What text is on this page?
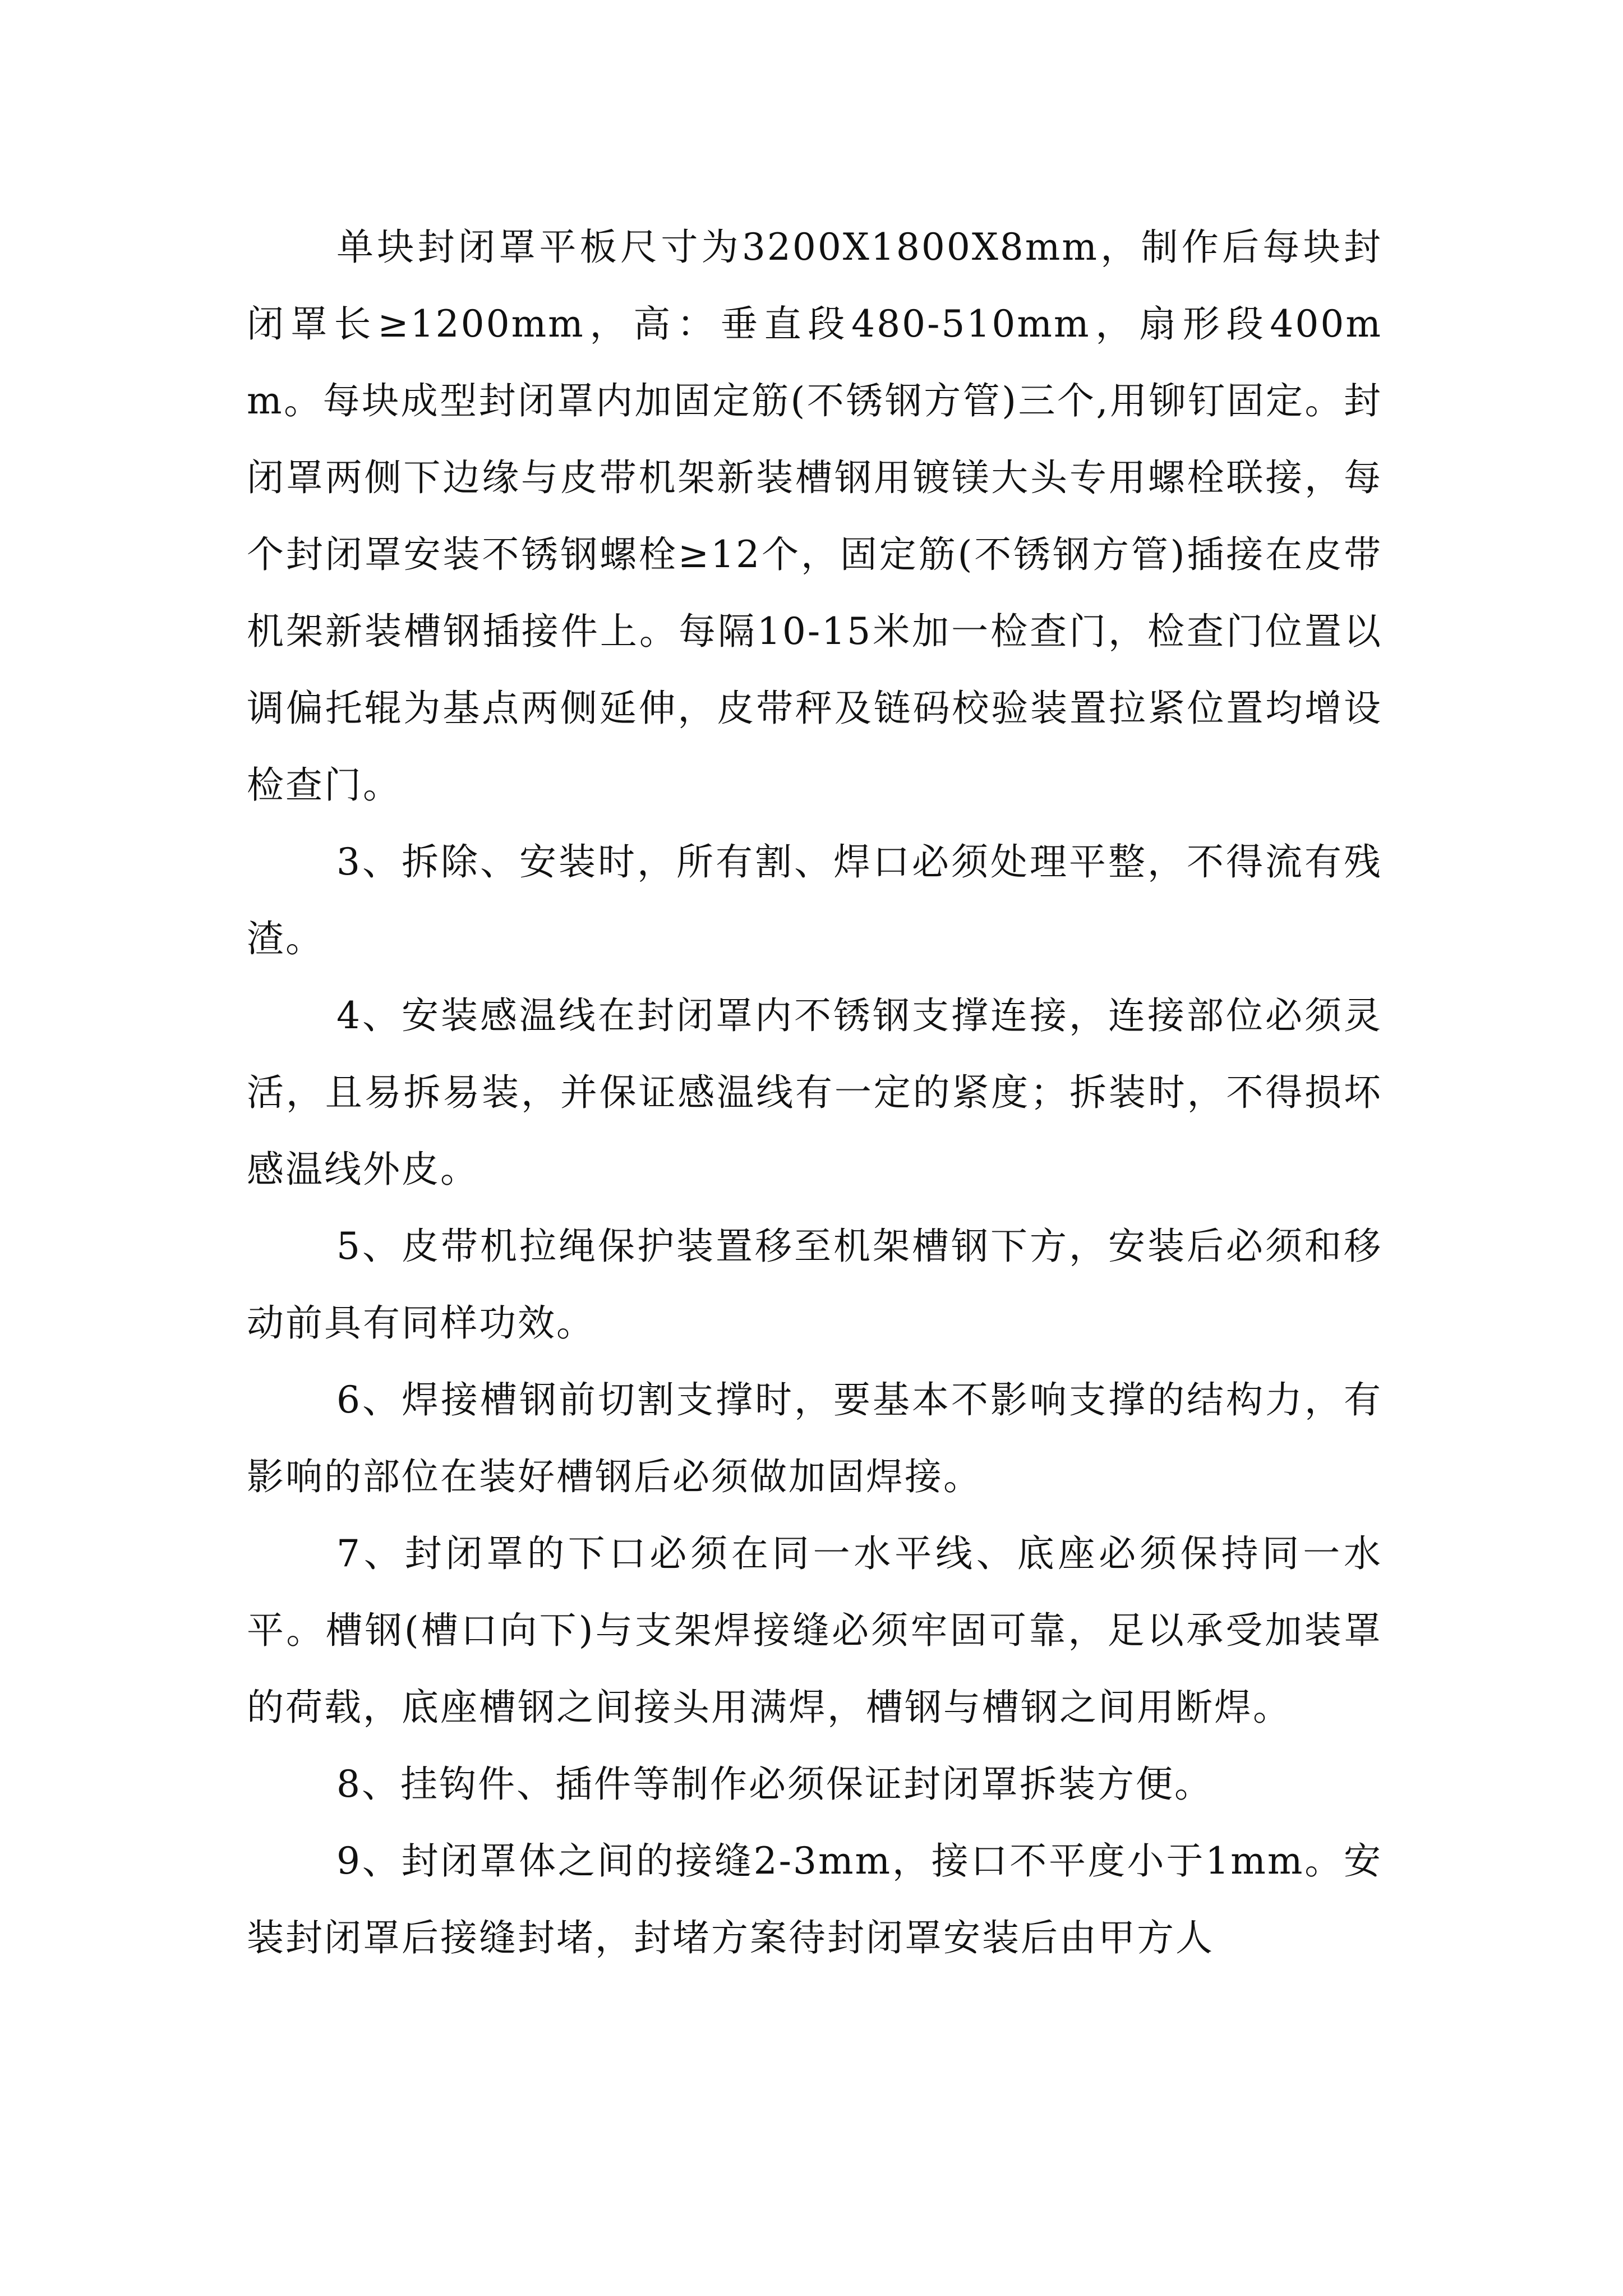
单块封闭罩平板尺寸为3200X1800X8mm，制作后每块封闭罩长≥1200mm，高：垂直段480-510mm，扇形段400mm。每块成型封闭罩内加固定筋(不锈钢方管)三个,用铆钉固定。封闭罩两侧下边缘与皮带机架新装槽钢用镀镁大头专用螺栓联接，每个封闭罩安装不锈钢螺栓≥12个，固定筋(不锈钢方管)插接在皮带机架新装槽钢插接件上。每隔10-15米加一检查门，检查门位置以调偏托辊为基点两侧延伸，皮带秤及链码校验装置拉紧位置均增设检查门。

3、拆除、安装时，所有割、焊口必须处理平整，不得流有残渣。

4、安装感温线在封闭罩内不锈钢支撑连接，连接部位必须灵活，且易拆易装，并保证感温线有一定的紧度；拆装时，不得损坏感温线外皮。

5、皮带机拉绳保护装置移至机架槽钢下方，安装后必须和移动前具有同样功效。

6、焊接槽钢前切割支撑时，要基本不影响支撑的结构力，有影响的部位在装好槽钢后必须做加固焊接。

7、封闭罩的下口必须在同一水平线、底座必须保持同一水平。槽钢(槽口向下)与支架焊接缝必须牢固可靠，足以承受加装罩的荷载，底座槽钢之间接头用满焊，槽钢与槽钢之间用断焊。

8、挂钩件、插件等制作必须保证封闭罩拆装方便。

9、封闭罩体之间的接缝2-3mm，接口不平度小于1mm。安装封闭罩后接缝封堵，封堵方案待封闭罩安装后由甲方人
